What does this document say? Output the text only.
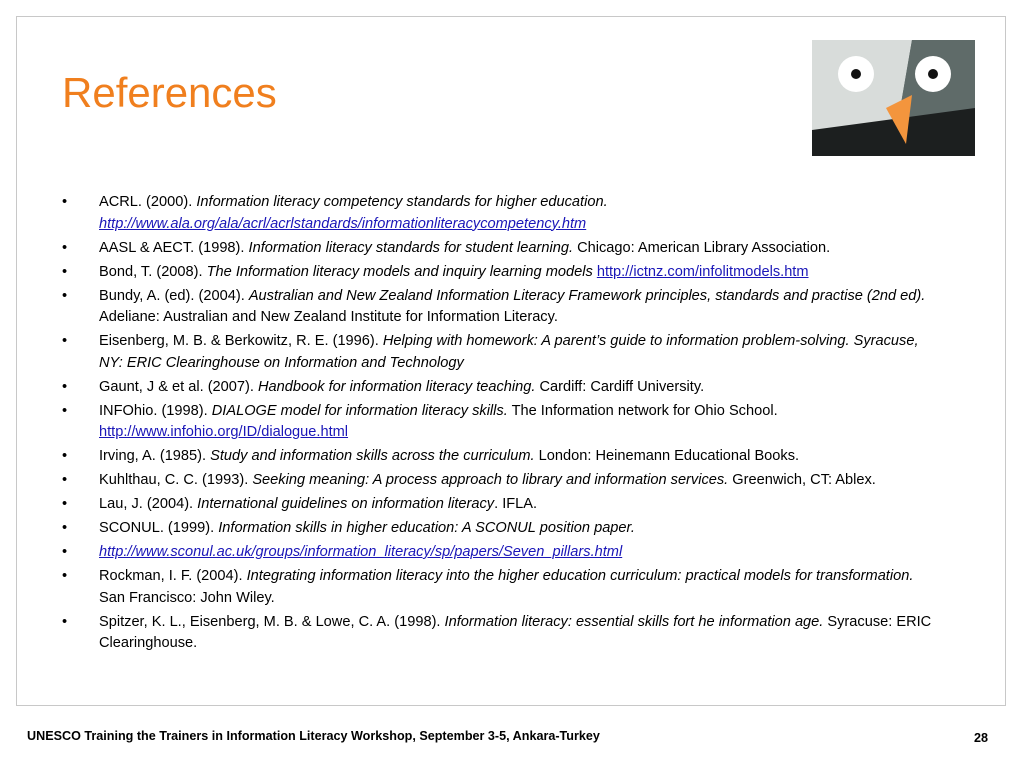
References
•	ACRL. (2000). Information literacy competency standards for higher education.
http://www.ala.org/ala/acrl/acrlstandards/informationliteracycompetency.htm
•	AASL & AECT. (1998). Information literacy standards for student learning. Chicago: American Library Association.
•	Bond, T. (2008). The Information literacy models and inquiry learning models http://ictnz.com/infolitmodels.htm
•	Bundy, A. (ed). (2004). Australian and New Zealand Information Literacy Framework principles, standards and practise (2nd ed). Adeliane: Australian and New Zealand Institute for Information Literacy.
•	Eisenberg, M. B. & Berkowitz, R. E. (1996). Helping with homework: A parent’s guide to information problem-solving. Syracuse, NY: ERIC Clearinghouse on Information and Technology
•	Gaunt, J & et al. (2007). Handbook for information literacy teaching. Cardiff: Cardiff University.
•	INFOhio. (1998). DIALOGE model for information literacy skills. The Information network for Ohio School.
http://www.infohio.org/ID/dialogue.html
•	Irving, A. (1985). Study and information skills across the curriculum. London: Heinemann Educational Books.
•	Kuhlthau, C. C. (1993). Seeking meaning: A process approach to library and information services. Greenwich, CT: Ablex.
•	Lau, J. (2004). International guidelines on information literacy. IFLA.
•	SCONUL. (1999). Information skills in higher education: A SCONUL position paper.
•	http://www.sconul.ac.uk/groups/information_literacy/sp/papers/Seven_pillars.html
•	Rockman, I. F. (2004). Integrating information literacy into the higher education curriculum: practical models for transformation. San Francisco: John Wiley.
•	Spitzer, K. L., Eisenberg, M. B. & Lowe, C. A. (1998). Information literacy: essential skills fort he information age. Syracuse: ERIC Clearinghouse.
UNESCO Training the Trainers in Information Literacy Workshop, September 3-5, Ankara-Turkey	28
